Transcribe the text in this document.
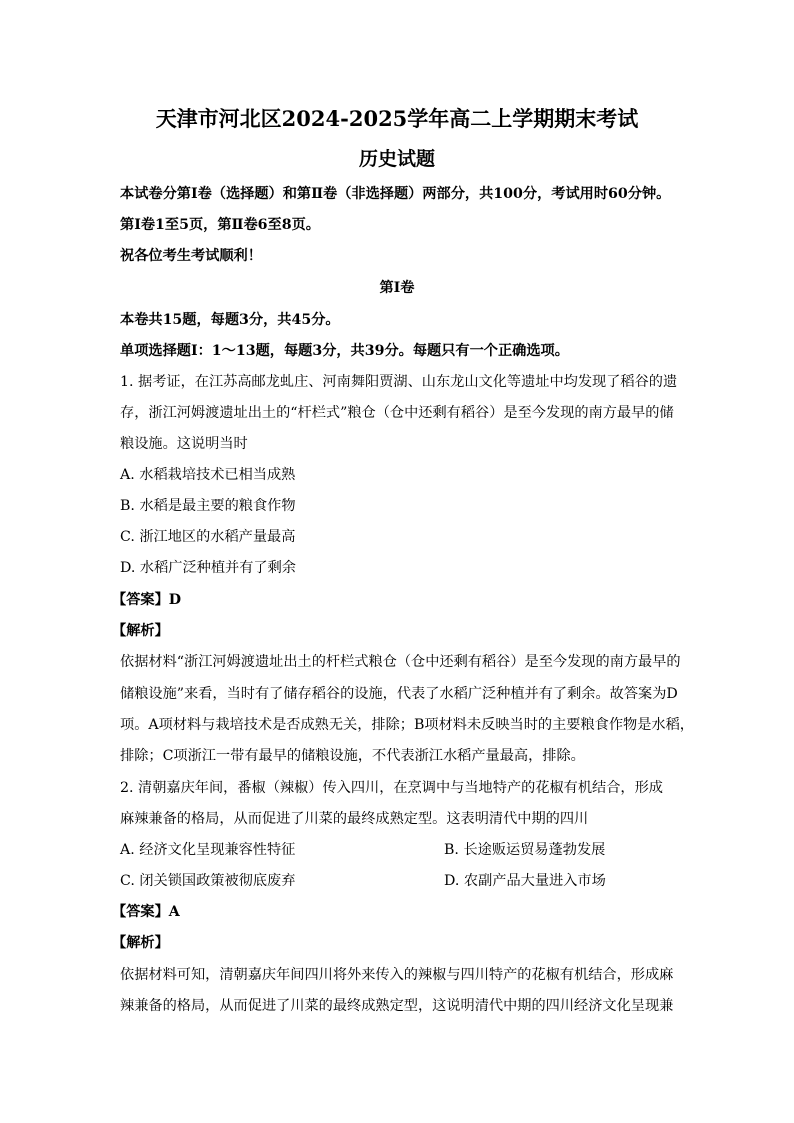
天津市河北区2024-2025学年高二上学期期末考试
历史试题
本试卷分第Ⅰ卷（选择题）和第Ⅱ卷（非选择题）两部分，共100分，考试用时60分钟。
第Ⅰ卷1至5页，第Ⅱ卷6至8页。
祝各位考生考试顺利！
第Ⅰ卷
本卷共15题，每题3分，共45分。
单项选择题Ⅰ：1～13题，每题3分，共39分。每题只有一个正确选项。
1. 据考证，在江苏高邮龙虬庄、河南舞阳贾湖、山东龙山文化等遗址中均发现了稻谷的遗
存，浙江河姆渡遗址出土的“杆栏式”粮仓（仓中还剩有稻谷）是至今发现的南方最早的储
粮设施。这说明当时
A. 水稻栽培技术已相当成熟
B. 水稻是最主要的粮食作物
C. 浙江地区的水稻产量最高
D. 水稻广泛种植并有了剩余
【答案】D
【解析】
依据材料“浙江河姆渡遗址出土的杆栏式粮仓（仓中还剩有稻谷）是至今发现的南方最早的
储粮设施”来看，当时有了储存稻谷的设施，代表了水稻广泛种植并有了剩余。故答案为D
项。A项材料与栽培技术是否成熟无关，排除；B项材料未反映当时的主要粮食作物是水稻，
排除；C项浙江一带有最早的储粮设施，不代表浙江水稻产量最高，排除。
2. 清朝嘉庆年间，番椒（辣椒）传入四川，在烹调中与当地特产的花椒有机结合，形成
麻辣兼备的格局，从而促进了川菜的最终成熟定型。这表明清代中期的四川
A. 经济文化呈现兼容性特征	B. 长途贩运贸易蓬勃发展
C. 闭关锁国政策被彻底废弃	D. 农副产品大量进入市场
【答案】A
【解析】
依据材料可知，清朝嘉庆年间四川将外来传入的辣椒与四川特产的花椒有机结合，形成麻
辣兼备的格局，从而促进了川菜的最终成熟定型，这说明清代中期的四川经济文化呈现兼
